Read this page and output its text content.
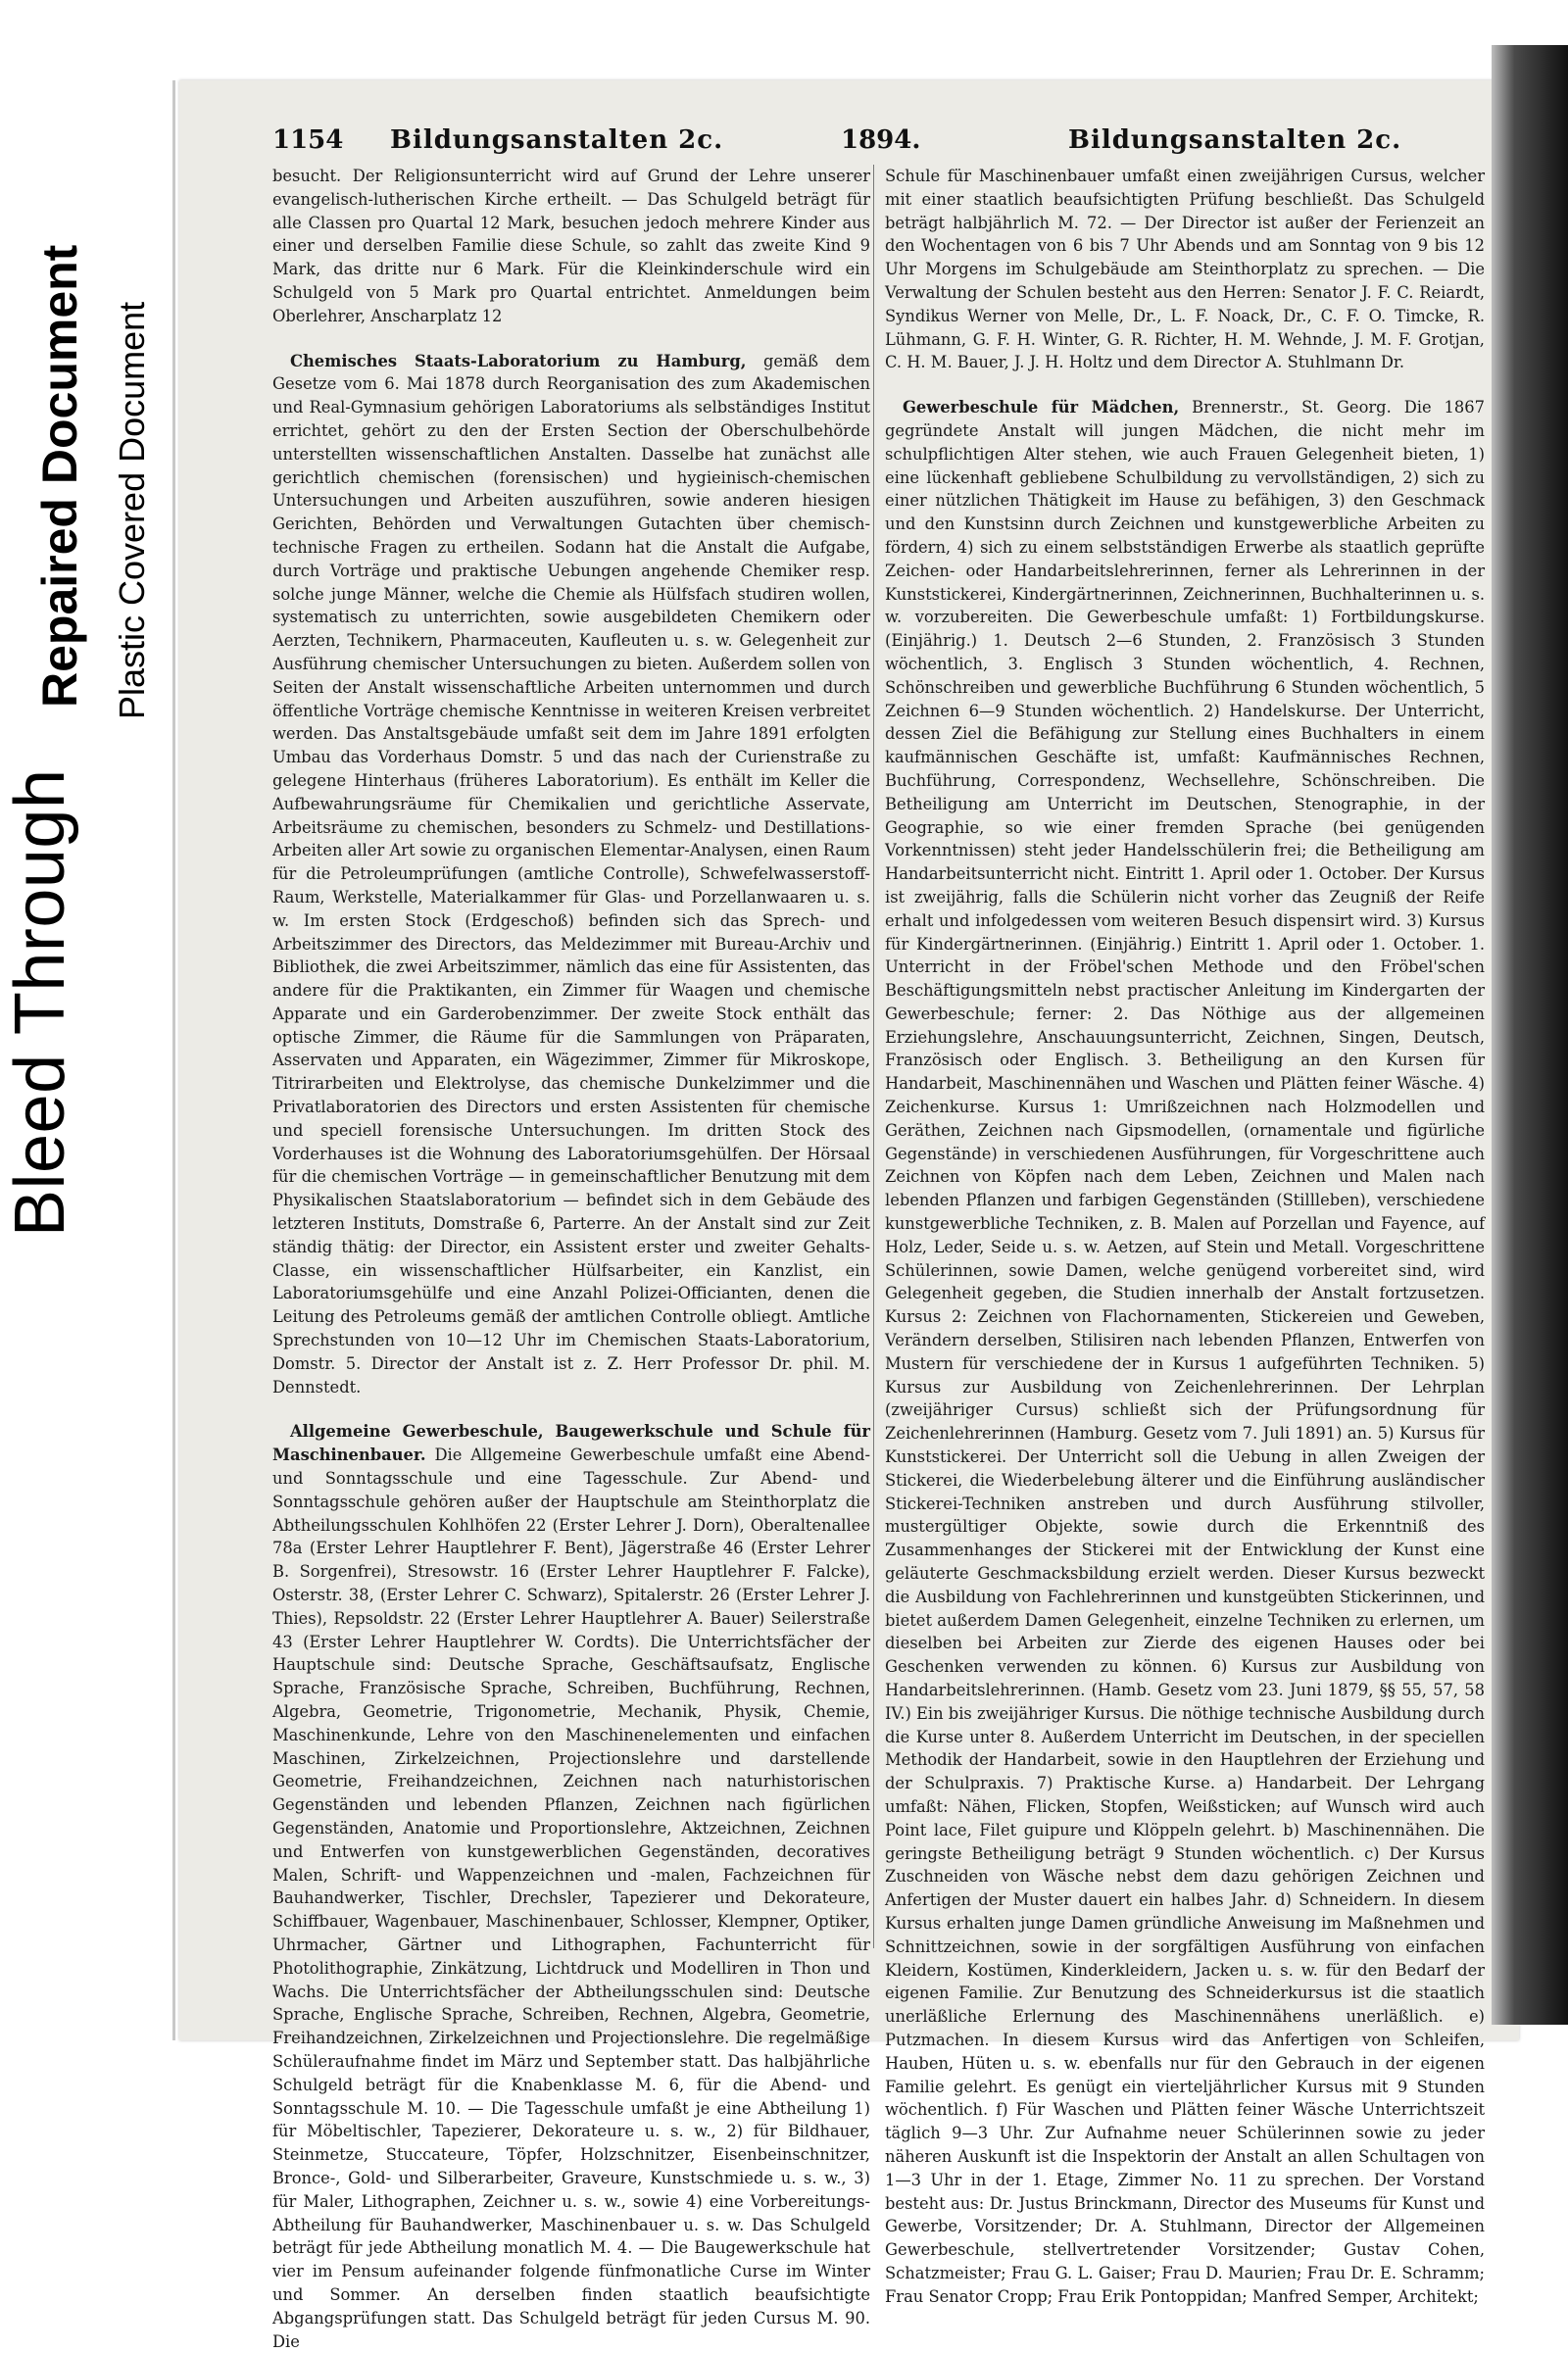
Bleed Through
Repaired Document Plastic Covered Document
1154 Bildungsanstalten 2c.	1894.	Bildungsanstalten 2c.

besucht. Der Religionsunterricht wird auf Grund der Lehre unserer evangelisch-lutherischen Kirche ertheilt. — Das Schulgeld beträgt für alle Classen pro Quartal 12 Mark, besuchen jedoch mehrere Kinder aus einer und derselben Familie diese Schule, so zahlt das zweite Kind 9 Mark, das dritte nur 6 Mark. Für die Kleinkinderschule wird ein Schulgeld von 5 Mark pro Quartal entrichtet. Anmeldungen beim Oberlehrer, Anscharplatz 12

Chemisches Staats-Laboratorium zu Hamburg, gemäß dem Gesetze vom 6. Mai 1878 durch Reorganisation des zum Akademischen und Real-Gymnasium gehörigen Laboratoriums als selbständiges Institut errichtet, gehört zu den der Ersten Section der Oberschulbehörde unterstellten wissenschaftlichen Anstalten. Dasselbe hat zunächst alle gerichtlich chemischen (forensischen) und hygieinisch-chemischen Untersuchungen und Arbeiten auszuführen, sowie anderen hiesigen Gerichten, Behörden und Verwaltungen Gutachten über chemisch-technische Fragen zu ertheilen. Sodann hat die Anstalt die Aufgabe, durch Vorträge und praktische Uebungen angehende Chemiker resp. solche junge Männer, welche die Chemie als Hülfsfach studiren wollen, systematisch zu unterrichten, sowie ausgebildeten Chemikern oder Aerzten, Technikern, Pharmaceuten, Kaufleuten u. s. w. Gelegenheit zur Ausführung chemischer Untersuchungen zu bieten. Außerdem sollen von Seiten der Anstalt wissenschaftliche Arbeiten unternommen und durch öffentliche Vorträge chemische Kenntnisse in weiteren Kreisen verbreitet werden. Das Anstaltsgebäude umfaßt seit dem im Jahre 1891 erfolgten Umbau das Vorderhaus Domstr. 5 und das nach der Curienstraße zu gelegene Hinterhaus (früheres Laboratorium). Es enthält im Keller die Aufbewahrungsräume für Chemikalien und gerichtliche Asservate, Arbeitsräume zu chemischen, besonders zu Schmelz- und Destillations-Arbeiten aller Art sowie zu organischen Elementar-Analysen, einen Raum für die Petroleumprüfungen (amtliche Controlle), Schwefelwasserstoff-Raum, Werkstelle, Materialkammer für Glas- und Porzellanwaaren u. s. w. Im ersten Stock (Erdgeschoß) befinden sich das Sprech- und Arbeitszimmer des Directors, das Meldezimmer mit Bureau-Archiv und Bibliothek, die zwei Arbeitszimmer, nämlich das eine für Assistenten, das andere für die Praktikanten, ein Zimmer für Waagen und chemische Apparate und ein Garderobenzimmer. Der zweite Stock enthält das optische Zimmer, die Räume für die Sammlungen von Präparaten, Asservaten und Apparaten, ein Wägezimmer, Zimmer für Mikroskope, Titrirarbeiten und Elektrolyse, das chemische Dunkelzimmer und die Privatlaboratorien des Directors und ersten Assistenten für chemische und speciell forensische Untersuchungen. Im dritten Stock des Vorderhauses ist die Wohnung des Laboratoriumsgehülfen. Der Hörsaal für die chemischen Vorträge — in gemeinschaftlicher Benutzung mit dem Physikalischen Staatslaboratorium — befindet sich in dem Gebäude des letzteren Instituts, Domstraße 6, Parterre. An der Anstalt sind zur Zeit ständig thätig: der Director, ein Assistent erster und zweiter Gehalts-Classe, ein wissenschaftlicher Hülfsarbeiter, ein Kanzlist, ein Laboratoriumsgehülfe und eine Anzahl Polizei-Officianten, denen die Leitung des Petroleums gemäß der amtlichen Controlle obliegt. Amtliche Sprechstunden von 10—12 Uhr im Chemischen Staats-Laboratorium, Domstr. 5. Director der Anstalt ist z. Z. Herr Professor Dr. phil. M. Dennstedt.

Allgemeine Gewerbeschule, Baugewerkschule und Schule für Maschinenbauer. Die Allgemeine Gewerbeschule umfaßt eine Abend- und Sonntagsschule und eine Tagesschule. Zur Abend- und Sonntagsschule gehören außer der Hauptschule am Steinthorplatz die Abtheilungsschulen Kohlhöfen 22 (Erster Lehrer J. Dorn), Oberaltenallee 78a (Erster Lehrer Hauptlehrer F. Bent), Jägerstraße 46 (Erster Lehrer B. Sorgenfrei), Stresowstr. 16 (Erster Lehrer Hauptlehrer F. Falcke), Osterstr. 38, (Erster Lehrer C. Schwarz), Spitalerstr. 26 (Erster Lehrer J. Thies), Repsoldstr. 22 (Erster Lehrer Hauptlehrer A. Bauer) Seilerstraße 43 (Erster Lehrer Hauptlehrer W. Cordts). Die Unterrichtsfächer der Hauptschule sind: Deutsche Sprache, Geschäftsaufsatz, Englische Sprache, Französische Sprache, Schreiben, Buchführung, Rechnen, Algebra, Geometrie, Trigonometrie, Mechanik, Physik, Chemie, Maschinenkunde, Lehre von den Maschinenelementen und einfachen Maschinen, Zirkelzeichnen, Projectionslehre und darstellende Geometrie, Freihandzeichnen, Zeichnen nach naturhistorischen Gegenständen und lebenden Pflanzen, Zeichnen nach figürlichen Gegenständen, Anatomie und Proportionslehre, Aktzeichnen, Zeichnen und Entwerfen von kunstgewerblichen Gegenständen, decoratives Malen, Schrift- und Wappenzeichnen und -malen, Fachzeichnen für Bauhandwerker, Tischler, Drechsler, Tapezierer und Dekorateure, Schiffbauer, Wagenbauer, Maschinenbauer, Schlosser, Klempner, Optiker, Uhrmacher, Gärtner und Lithographen, Fachunterricht für Photolithographie, Zinkätzung, Lichtdruck und Modelliren in Thon und Wachs. Die Unterrichtsfächer der Abtheilungsschulen sind: Deutsche Sprache, Englische Sprache, Schreiben, Rechnen, Algebra, Geometrie, Freihandzeichnen, Zirkelzeichnen und Projectionslehre. Die regelmäßige Schüleraufnahme findet im März und September statt. Das halbjährliche Schulgeld beträgt für die Knabenklasse M. 6, für die Abend- und Sonntagsschule M. 10. — Die Tagesschule umfaßt je eine Abtheilung 1) für Möbeltischler, Tapezierer, Dekorateure u. s. w., 2) für Bildhauer, Steinmetze, Stuccateure, Töpfer, Holzschnitzer, Eisenbeinschnitzer, Broncе-, Gold- und Silberarbeiter, Graveure, Kunstschmiede u. s. w., 3) für Maler, Lithographen, Zeichner u. s. w., sowie 4) eine Vorbereitungs-Abtheilung für Bauhandwerker, Maschinenbauer u. s. w. Das Schulgeld beträgt für jede Abtheilung monatlich M. 4. — Die Baugewerkschule hat vier im Pensum aufeinander folgende fünfmonatliche Curse im Winter und Sommer. An derselben finden staatlich beaufsichtigte Abgangsprüfungen statt. Das Schulgeld beträgt für jeden Cursus M. 90. Die

Schule für Maschinenbauer umfaßt einen zweijährigen Cursus, welcher mit einer staatlich beaufsichtigten Prüfung beschließt. Das Schulgeld beträgt halbjährlich M. 72. — Der Director ist außer der Ferienzeit an den Wochentagen von 6 bis 7 Uhr Abends und am Sonntag von 9 bis 12 Uhr Morgens im Schulgebäude am Steinthorplatz zu sprechen. — Die Verwaltung der Schulen besteht aus den Herren: Senator J. F. C. Reiardt, Syndikus Werner von Melle, Dr., L. F. Noack, Dr., C. F. O. Timcke, R. Lühmann, G. F. H. Winter, G. R. Richter, H. M. Wehnde, J. M. F. Grotjan, C. H. M. Bauer, J. J. H. Holtz und dem Director A. Stuhlmann Dr.

Gewerbeschule für Mädchen, Brennerstr., St. Georg. Die 1867 gegründete Anstalt will jungen Mädchen, die nicht mehr im schulpflichtigen Alter stehen, wie auch Frauen Gelegenheit bieten, 1) eine lückenhaft gebliebene Schulbildung zu vervollständigen, 2) sich zu einer nützlichen Thätigkeit im Hause zu befähigen, 3) den Geschmack und den Kunstsinn durch Zeichnen und kunstgewerbliche Arbeiten zu fördern, 4) sich zu einem selbstständigen Erwerbe als staatlich geprüfte Zeichen- oder Handarbeitslehrerinnen, ferner als Lehrerinnen in der Kunststickerei, Kindergärtnerinnen, Zeichnerinnen, Buchhalterinnen u. s. w. vorzubereiten. Die Gewerbeschule umfaßt: 1) Fortbildungskurse. (Einjährig.) 1. Deutsch 2—6 Stunden, 2. Französisch 3 Stunden wöchentlich, 3. Englisch 3 Stunden wöchentlich, 4. Rechnen, Schönschreiben und gewerbliche Buchführung 6 Stunden wöchentlich, 5 Zeichnen 6—9 Stunden wöchentlich. 2) Handelskurse. Der Unterricht, dessen Ziel die Befähigung zur Stellung eines Buchhalters in einem kaufmännischen Geschäfte ist, umfaßt: Kaufmännisches Rechnen, Buchführung, Correspondenz, Wechsellehre, Schönschreiben. Die Betheiligung am Unterricht im Deutschen, Stenographie, in der Geographie, so wie einer fremden Sprache (bei genügenden Vorkenntnissen) steht jeder Handelsschülerin frei; die Betheiligung am Handarbeitsunterricht nicht. Eintritt 1. April oder 1. October. Der Kursus ist zweijährig, falls die Schülerin nicht vorher das Zeugniß der Reife erhalt und infolgedessen vom weiteren Besuch dispensirt wird. 3) Kursus für Kindergärtnerinnen. (Einjährig.) Eintritt 1. April oder 1. October. 1. Unterricht in der Fröbel'schen Methode und den Fröbel'schen Beschäftigungsmitteln nebst practischer Anleitung im Kindergarten der Gewerbeschule; ferner: 2. Das Nöthige aus der allgemeinen Erziehungslehre, Anschauungsunterricht, Zeichnen, Singen, Deutsch, Französisch oder Englisch. 3. Betheiligung an den Kursen für Handarbeit, Maschinennähen und Waschen und Plätten feiner Wäsche. 4) Zeichenkurse. Kursus 1: Umrißzeichnen nach Holzmodellen und Geräthen, Zeichnen nach Gipsmodellen, (ornamentale und figürliche Gegenstände) in verschiedenen Ausführungen, für Vorgeschrittene auch Zeichnen von Köpfen nach dem Leben, Zeichnen und Malen nach lebenden Pflanzen und farbigen Gegenständen (Stillleben), verschiedene kunstgewerbliche Techniken, z. B. Malen auf Porzellan und Fayence, auf Holz, Leder, Seide u. s. w. Aetzen, auf Stein und Metall. Vorgeschrittene Schülerinnen, sowie Damen, welche genügend vorbereitet sind, wird Gelegenheit gegeben, die Studien innerhalb der Anstalt fortzusetzen. Kursus 2: Zeichnen von Flachornamenten, Stickereien und Geweben, Verändern derselben, Stilisiren nach lebenden Pflanzen, Entwerfen von Mustern für verschiedene der in Kursus 1 aufgeführten Techniken. 5) Kursus zur Ausbildung von Zeichenlehrerinnen. Der Lehrplan (zweijähriger Cursus) schließt sich der Prüfungsordnung für Zeichenlehrerinnen (Hamburg. Gesetz vom 7. Juli 1891) an. 5) Kursus für Kunststickerei. Der Unterricht soll die Uebung in allen Zweigen der Stickerei, die Wiederbelebung älterer und die Einführung ausländischer Stickerei-Techniken anstreben und durch Ausführung stilvoller, mustergültiger Objekte, sowie durch die Erkenntniß des Zusammenhanges der Stickerei mit der Entwicklung der Kunst eine geläuterte Geschmacksbildung erzielt werden. Dieser Kursus bezweckt die Ausbildung von Fachlehrerinnen und kunstgeübten Stickerinnen, und bietet außerdem Damen Gelegenheit, einzelne Techniken zu erlernen, um dieselben bei Arbeiten zur Zierde des eigenen Hauses oder bei Geschenken verwenden zu können. 6) Kursus zur Ausbildung von Handarbeitslehrerinnen. (Hamb. Gesetz vom 23. Juni 1879, §§ 55, 57, 58 IV.) Ein bis zweijähriger Kursus. Die nöthige technische Ausbildung durch die Kurse unter 8. Außerdem Unterricht im Deutschen, in der speciellen Methodik der Handarbeit, sowie in den Hauptlehren der Erziehung und der Schulpraxis. 7) Praktische Kurse. a) Handarbeit. Der Lehrgang umfaßt: Nähen, Flicken, Stopfen, Weißsticken; auf Wunsch wird auch Point lace, Filet guipure und Klöppeln gelehrt. b) Maschinennähen. Die geringste Betheiligung beträgt 9 Stunden wöchentlich. c) Der Kursus Zuschneiden von Wäsche nebst dem dazu gehörigen Zeichnen und Anfertigen der Muster dauert ein halbes Jahr. d) Schneidern. In diesem Kursus erhalten junge Damen gründliche Anweisung im Maßnehmen und Schnittzeichnen, sowie in der sorgfältigen Ausführung von einfachen Kleidern, Kostümen, Kinderkleidern, Jacken u. s. w. für den Bedarf der eigenen Familie. Zur Benutzung des Schneiderkursus ist die staatlich unerläßliche Erlernung des Maschinennähens unerläßlich. e) Putzmachen. In diesem Kursus wird das Anfertigen von Schleifen, Hauben, Hüten u. s. w. ebenfalls nur für den Gebrauch in der eigenen Familie gelehrt. Es genügt ein vierteljährlicher Kursus mit 9 Stunden wöchentlich. f) Für Waschen und Plätten feiner Wäsche Unterrichtszeit täglich 9—3 Uhr. Zur Aufnahme neuer Schülerinnen sowie zu jeder näheren Auskunft ist die Inspektorin der Anstalt an allen Schultagen von 1—3 Uhr in der 1. Etage, Zimmer No. 11 zu sprechen. Der Vorstand besteht aus: Dr. Justus Brinckmann, Director des Museums für Kunst und Gewerbe, Vorsitzender; Dr. A. Stuhlmann, Director der Allgemeinen Gewerbeschule, stellvertretender Vorsitzender; Gustav Cohen, Schatzmeister; Frau G. L. Gaiser; Frau D. Maurien; Frau Dr. E. Schramm; Frau Senator Cropp; Frau Erik Pontoppidan; Manfred Semper, Architekt;
